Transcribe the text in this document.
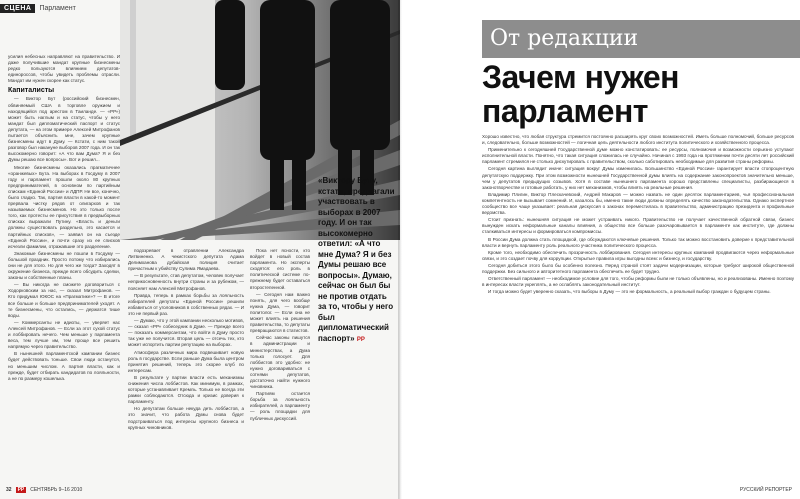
СЦЕНА	Парламент

усилия небесных направляют на правительство. И даже получившие мандат крупные бизнесмены редко пользуются влиянием депутатов-единороссов, чтобы увидеть проблемы отрасли. Мандат им нужен скорее как статус.

Капиталисты

— Виктор Бут (российский бизнесмен, обвиняемый США в торговле оружием и находящийся под арестом в Таиланде. — «РР») может быть наглым и на статус, чтобы у него мандат был дипломатический паспорт и статус депутата, — на этом примере Алексей Митрофанов пытается объяснить мне, зачем крупные бизнесмены идут в Думу. — Кстати, с ним такой разговор был накануне выборов 2007 года. И он так высокомерно говорит: «А что вам Дума? Я и без Думы решаю все вопросы». Вот и решил...

Многие бизнесмены оказались прагматичнее «оранжевых» Бута. На выборах в Госдуму в 2007 году и парламент прошли около 80 крупных предпринимателей, в основном по партийным спискам «Единой России» и ЛДПР. Не все, конечно, было гладко. Так, партия власти в какой-то момент прервала чистку рядов от олигархов и так называемых бизнесменов. Но это только после того, как протесты ее присутствия в предвыборных списках выражали Путину. «Власть и деньги должны существовать раздельно, это касается и партийных списков», — заявил он на съезде «Единой России», и почти сразу из ее списков исчезли фамилии, отражавшие это разделение.

Знакомые бизнесмены не пошли в Госдуму — большой праздник. Просто потому что избирались они не для этого. Но для чего же тогда? Заходят в окружение бизнеса, прежде всего обсудить сделки, законы и собственные планы.

— Вы никогда не сможете договориться с Ходорковским за нас, — сказал Митрофанов. — Кто придумал ЮКОС на «Прагматике»? — В итоге все больше и больше предпринимателей уходят. А те бизнесмены, что остались, — держатся тише воды.

— Коммерсанты не идиоты, — уверяет нас Алексей Митрофанов. — Если за этот сухой статус и лоббировать нечего. Чем меньше у парламента веса, тем лучше им, тем проще все решить напрямую через правительство.

В нынешней парламентской кампании бизнес будет действовать тоньше. Свои люди останутся, но меньшим числом. А партия власти, как и прежде, будет отбирать кандидатов по лояльности, а не по размеру кошелька.

подозревает в отравлении Александра Литвиненко. А чекистского депутата Адама Делимханова дубайская полиция считает причастным к убийству Сулима Ямадаева.

— В результате, став депутатом, человек получает неприкосновенность внутри страны и за рубежом, — поясняет нам Алексей Митрофанов.

Правда, теперь в рамках борьбы за лояльность избирателей депутаты «Единой России» решили избавиться от уголовников в собственных рядах. — И это не первый раз.

— Думаю, что у этой кампании несколько мотивов, — сказал «РР» собеседник в Думе. — Прежде всего — показать коммерсантам, что войти в Думу просто так уже не получится. Вторая цель — отсечь тех, кто может испортить партии репутацию на выборах.

Атмосфера различных мира подвешивает новую роль в государстве. Если раньше Дума была центром принятия решений, теперь это скорее клуб по интересам.

В результате у партии власти есть механизмы снижения числа лоббистов. Как минимум, в рамках, которые устанавливает Кремль. Только не всегда эти рамки соблюдаются. Отсюда и кризис доверия к парламенту.

Но депутатам больше некуда деть лоббистов, а это значит, что работа Думы снова будет подстраиваться под интересы крупного бизнеса и крупных чиновников.

Пока нет ясности, кто войдет в новый состав парламента. Но эксперты сходятся: его роль в политической системе по-прежнему будет оставаться второстепенной.

— Сегодня нам важно понять, для чего вообще нужна Дума, — говорит политолог. — Если она не может влиять на решения правительства, то депутаты превращаются в статистов.

Сейчас законы пишутся в администрации и министерствах, а Дума только голосует. Для лоббистов это удобно: не нужно договариваться с сотнями депутатов, достаточно найти нужного чиновника.

Партиям остается борьба за лояльность избирателей, а парламенту — роль площадки для публичных дискуссий.

«Виктору Буту, кстати, предлагали участвовать в выборах в 2007 году. И он так высокомерно ответил: «А что мне Дума? Я и без Думы решаю все вопросы». Думаю, сейчас он был бы не против отдать за то, чтобы у него был дипломатический паспорт» РР
32	РР	СЕНТЯБРЬ 9–16 2010
От редакции
Зачем нужен парламент

Хорошо известно, что любая структура стремится постоянно расширять круг своих возможностей. Иметь больше полномочий, больше ресурсов и, следовательно, больше возможностей — логичная цель деятельности любого института политического и хозяйственного процесса.

Применительно к сегодняшней Государственной думе можно констатировать: ее ресурсы, полномочия и возможности серьезно уступают исполнительной власти. Понятно, что такая ситуация сложилась не случайно. Начиная с 1993 года на протяжении почти десяти лет российский парламент стремился не столько дискутировать с правительством, сколько саботировать необходимые для развития страны реформы.

Сегодня картина выглядит иначе: ситуация вокруг Думы изменилась. Большинство «Единой России» гарантирует власти стопроцентную депутатскую поддержку. При этом возможности нынешней Государственной думы влиять на содержание законопроектов значительно меньше, чем у депутатов предыдущих созывов. Хотя в составе нынешнего парламента хорошо представлены специалисты, разбирающиеся в законотворчестве и готовые работать, у них нет механизмов, чтобы влиять на реальные решения.

Владимир Плигин, Виктор Плескачевский, Андрей Макаров — можно назвать не один десяток парламентариев, чья профессиональная компетентность не вызывает сомнений. И, казалось бы, именно такие люди должны определять качество законодательства. Однако экспертное сообщество все чаще указывает: реальная дискуссия о законах переместилась в правительство, администрацию президента и профильные ведомства.

Стоит признать: нынешняя ситуация не может устраивать никого. Правительство не получает качественной обратной связи, бизнес вынужден искать неформальные каналы влияния, а общество все больше разочаровывается в парламенте как институте, где должны сталкиваться интересы и формироваться компромиссы.

В России Дума должна стать площадкой, где обсуждаются ключевые решения. Только так можно восстановить доверие к представительной власти и вернуть парламенту роль реального участника политического процесса.

Кроме того, необходимо обеспечить прозрачность лоббирования. Сегодня интересы крупных компаний продвигаются через неформальные связи, и это создает почву для коррупции. Открытые правила игры выгодны всем: и бизнесу, и государству.

Сегодня добиться этого было бы особенно полезно. Перед страной стоят задачи модернизации, которые требуют широкой общественной поддержки. Без сильного и авторитетного парламента обеспечить ее будет трудно.

Ответственный парламент — необходимое условие для того, чтобы реформы были не только объявлены, но и реализованы. Именно поэтому в интересах власти укреплять, а не ослаблять законодательный институт.

И тогда можно будет уверенно сказать, что выборы в Думу — это не формальность, а реальный выбор граждан о будущем страны.

РУССКИЙ РЕПОРТЕР
